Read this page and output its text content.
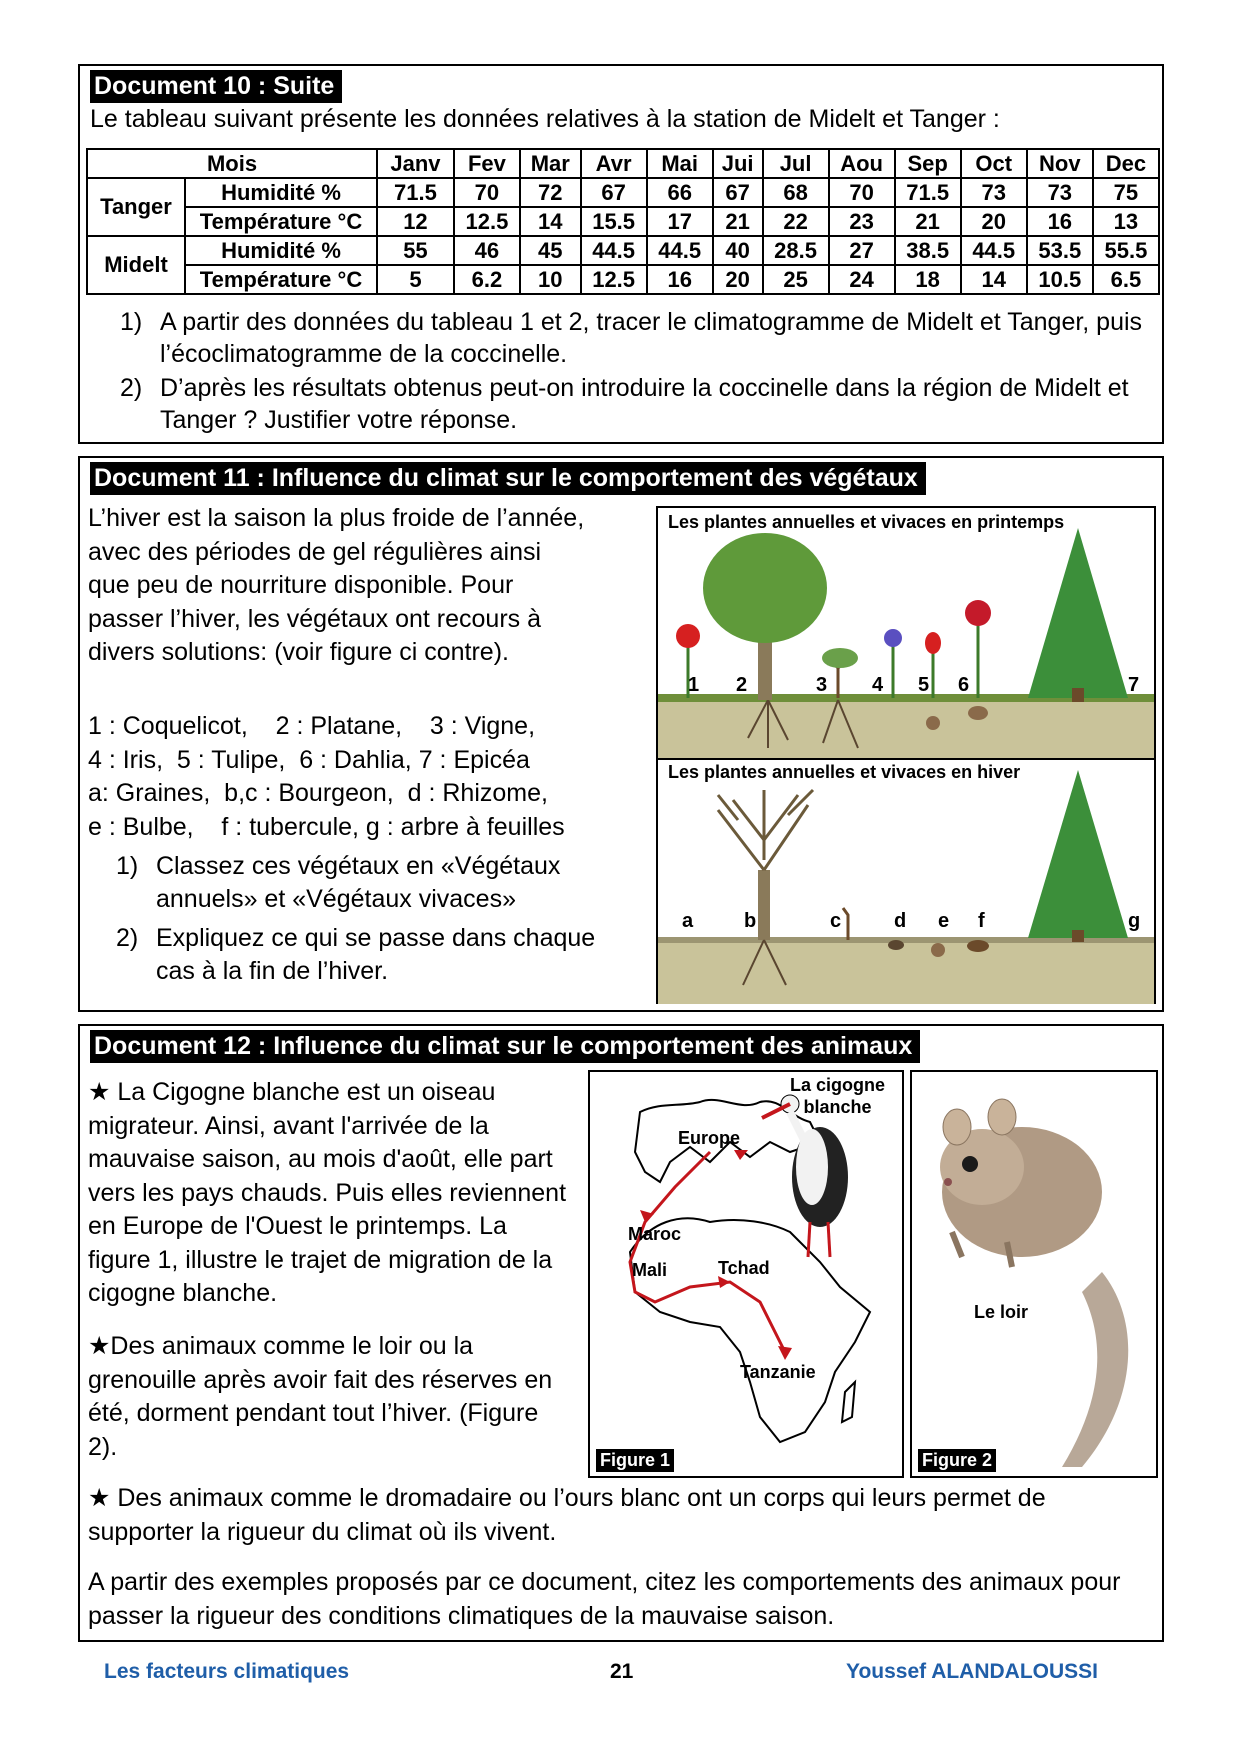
Document 10 : Suite

Le tableau suivant présente les données relatives à la station de Midelt et Tanger :

Mois		Janv	Fev	Mar	Avr	Mai	Jui	Jul	Aou	Sep	Oct	Nov	Dec
Tanger	Humidité %	71.5	70	72	67	66	67	68	70	71.5	73	73	75
	Température °C	12	12.5	14	15.5	17	21	22	23	21	20	16	13
Midelt	Humidité %	55	46	45	44.5	44.5	40	28.5	27	38.5	44.5	53.5	55.5
	Température °C	5	6.2	10	12.5	16	20	25	24	18	14	10.5	6.5
1) A partir des données du tableau 1 et 2, tracer le climatogramme de Midelt et Tanger, puis l’écoclimatogramme de la coccinelle.
2) D’après les résultats obtenus peut-on introduire la coccinelle dans la région de Midelt et Tanger ? Justifier votre réponse.
Document 11 : Influence du climat sur le comportement des végétaux

L’hiver est la saison la plus froide de l’année, avec des périodes de gel régulières ainsi que peu de nourriture disponible. Pour passer l’hiver, les végétaux ont recours à divers solutions: (voir figure ci contre).

1 : Coquelicot,    2 : Platane,    3 : Vigne,

4 : Iris,  5 : Tulipe,  6 : Dahlia, 7 : Epicéa

a: Graines,  b,c : Bourgeon,  d : Rhizome,

e : Bulbe,    f : tubercule, g : arbre à feuilles

1) Classez ces végétaux en «Végétaux annuels» et «Végétaux vivaces»
2) Expliquez ce qui se passe dans chaque cas à la fin de l’hiver.
Les plantes annuelles et vivaces en printemps
1 2	3 4 5 6	7
Les plantes annuelles et vivaces en hiver
a	b	c	d e f	g
Document 12 : Influence du climat sur le comportement des animaux

★ La Cigogne blanche est un oiseau migrateur. Ainsi, avant l'arrivée de la mauvaise saison, au mois d'août, elle part vers les pays chauds. Puis elles reviennent en Europe de l'Ouest le printemps. La figure 1, illustre le trajet de migration de la cigogne blanche.

★Des animaux comme le loir ou la grenouille après avoir fait des réserves en été, dorment pendant tout l’hiver. (Figure 2).

La cigogne
blanche
Europe
Maroc
Mali	Tchad
Tanzanie
Figure 1
Le loir
Figure 2

★ Des animaux comme le dromadaire ou l’ours blanc ont un corps qui leurs permet de supporter la rigueur du climat où ils vivent.

A partir des exemples proposés par ce document, citez les comportements des animaux pour passer la rigueur des conditions climatiques de la mauvaise saison.

Les facteurs climatiques	21	Youssef ALANDALOUSSI
